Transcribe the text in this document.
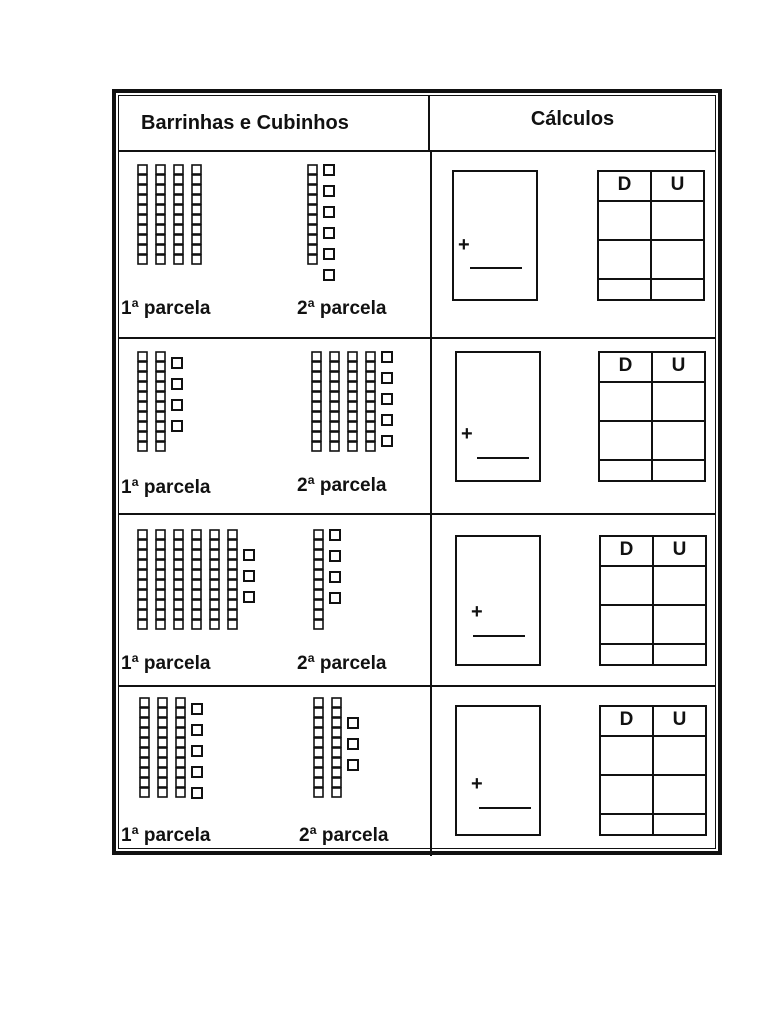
Barrinhas e Cubinhos	Cálculos
1ª parcela	2ª parcela
+
D	U

1ª parcela	2ª parcela
+
D	U

1ª parcela	2ª parcela
+
D	U

1ª parcela	2ª parcela
+
D	U
